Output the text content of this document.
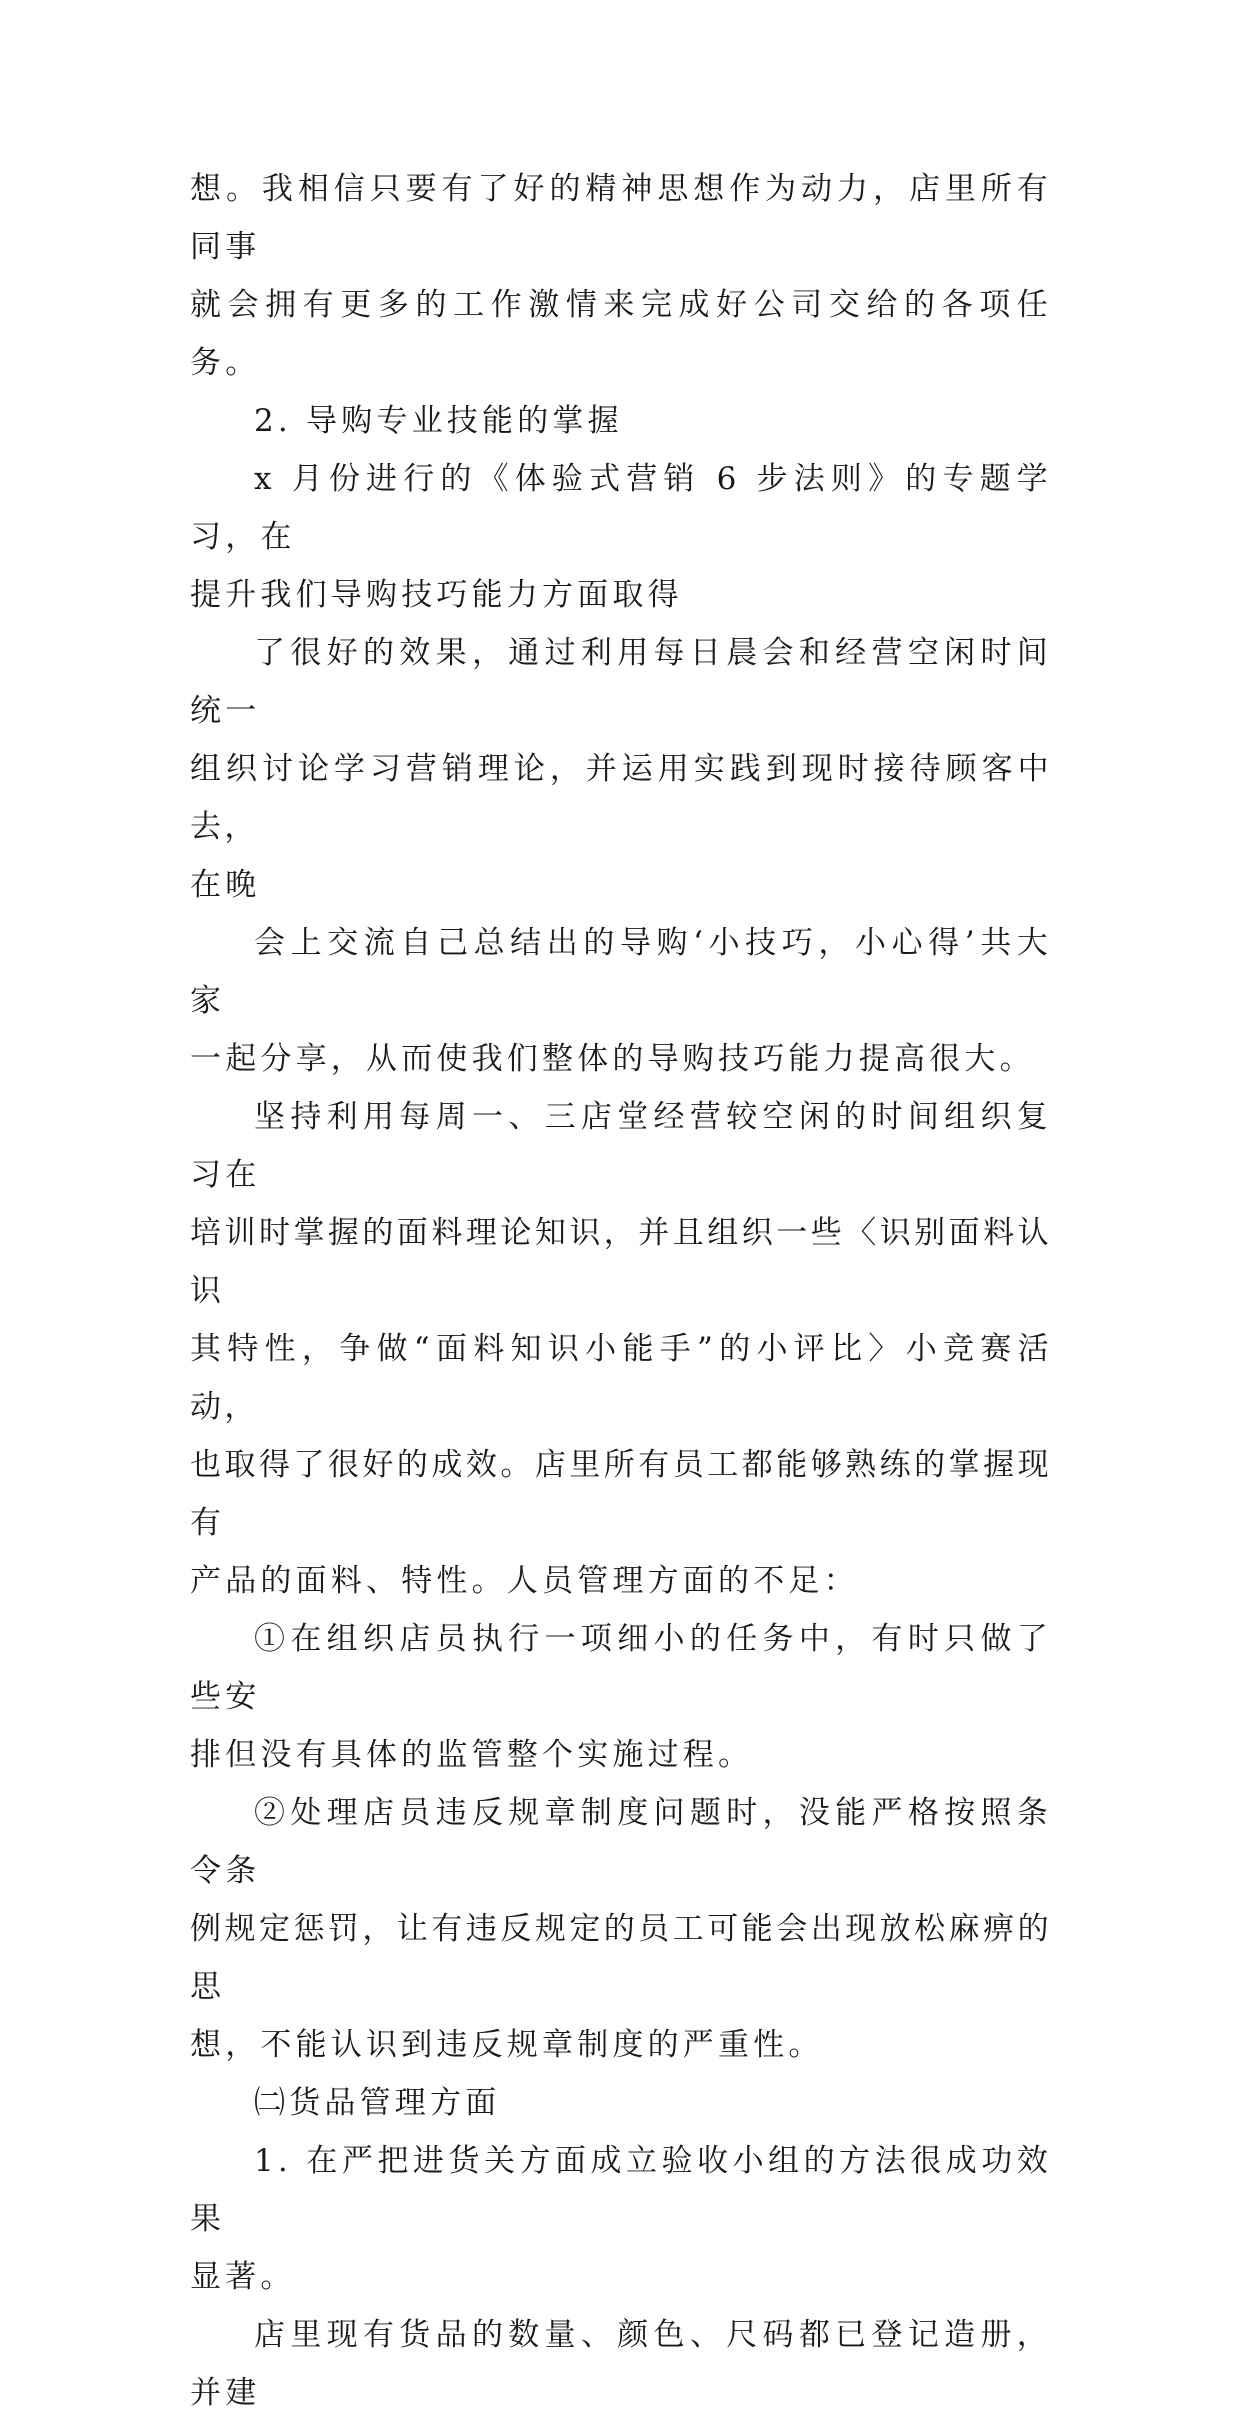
想。我相信只要有了好的精神思想作为动力，店里所有同事
就会拥有更多的工作激情来完成好公司交给的各项任务。

2. 导购专业技能的掌握

x 月份进行的《体验式营销 6 步法则》的专题学习，在
提升我们导购技巧能力方面取得

了很好的效果，通过利用每日晨会和经营空闲时间统一
组织讨论学习营销理论，并运用实践到现时接待顾客中去，
在晚

会上交流自己总结出的导购‘小技巧，小心得’共大家
一起分享，从而使我们整体的导购技巧能力提高很大。

坚持利用每周一、三店堂经营较空闲的时间组织复习在
培训时掌握的面料理论知识，并且组织一些〈识别面料认识
其特性，争做“面料知识小能手”的小评比〉小竞赛活动，
也取得了很好的成效。店里所有员工都能够熟练的掌握现有
产品的面料、特性。人员管理方面的不足：

①在组织店员执行一项细小的任务中，有时只做了些安
排但没有具体的监管整个实施过程。

②处理店员违反规章制度问题时，没能严格按照条令条
例规定惩罚，让有违反规定的员工可能会出现放松麻痹的思
想，不能认识到违反规章制度的严重性。

㈡货品管理方面

1. 在严把进货关方面成立验收小组的方法很成功效果
显著。

店里现有货品的数量、颜色、尺码都已登记造册，并建
